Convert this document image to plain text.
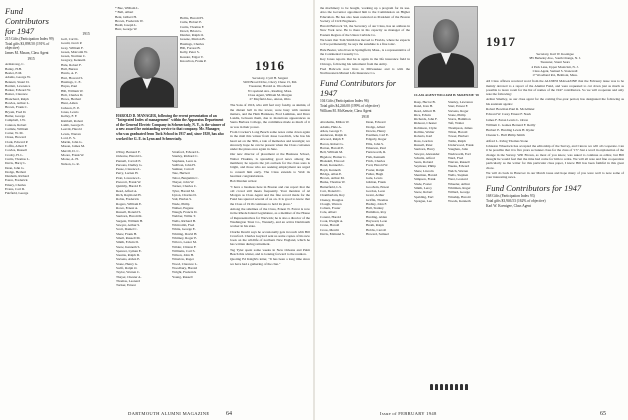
Fund Contributors for 1947

215 Gifts (Participation Index 99)

Total gifts $3,898.50 (191% of objective)

James M. Mason, Class Agent

1915

Armstrong, C.
Bailey, H.H.
Beeler, E.M.
Adams, George W.
Bennett, Stuart D.
Bartlett, Lawrence
Barker, Edward W.
Baxter, Clarence
Blanchard, Ralph
Bowles, Arthur L.
Brown, Frank C.
Bryant, Fred D.
Butler, George
Campbell, J.W.
Cannon, Robert
Carlisle, William
Carter, W. M.
Chase, Howard
Clark, Edward P.
Coffin, Albert F.
Cowles, Russell
Crosby, H. L.
Curtis, Thomas L.
Davis, Harry L.
Dean, John G.
Dodge, Herbert
Dunham, Richard
Eaton, Frederick
Emery, Charles
Evans, Carl D.
Fairfield, George

1915

Goll, Carl K.
Gould, Jacob P.
Gray, William F.
Green, Malcolm W.
Green, Norman C.
Gregory, Kenneth
Hale, Robert F.
Hall, Burton
Harris, A. F.
Hart, Howard S.
Hastings, C. E.
Hayes, Paul
Hill, William W.
Holt, Charles D.
Howe, Herbert
Hunt, Alden
Jackson, E. P.
Jones, Lewis
Kelley, F. F.
Kimball, Robert
Lamb, George E.
Leavitt, Harold
Lewis, Warren
Lord, E. S.
Martin, John G.
Mason, James M.
Merrill, D. C.
Moore, Frank W.
Morse, A. H.
Nelson, G. R.
* Bee, William L.
* Bell, Albert
Bent, Gilbert H.
Brown, Frederick W.
Budd, Joseph L.
Burr, George W.
Hollis, Harold H.
Cuile, Hobart E.
Curtis, Thomas F.
Dowd, Brian G.
Dunbar, Ralph O.
Greene, Marion B.
Hastings, Charles
Hill, Forrest B.
Kelly, Peter S.
Kessler, Edgar V.
Knowlton, Frank P.

HAROLD D. MANAGER, following the recent presentation of an "Integrated Index of management" within the Apparatus Department of the General Electric Company in Schenectady, N. Y., is the winner of a new award for outstanding service to that company. Mr. Manager, who was graduated from Tuck School in 1917 and, since 1920, has also worked for G. E. in Lynn and Schenectady.

O'Day, Bernard F.
Osborne, Harold L.
Pannell, Carroll E.
Parsons, Dudley G.
Pease, Clarence L.
Perry, Lucien H.
Pratt, Lawrence L.
Prescott, Frank W.
Quimby, Harold E.
Read, Alfred A.
Rich, Raymond H.
Robie, Frederick
Rogers, William E.
Rowe, Ernest A.
Russell, Donald S.
Sanborn, Harold R.
Sargent, William H.
Sawyer, Arthur S.
Scott, Daniel C.
Shaw, Frank H.
Small, Russell M.
Smith, Edwin D.
Snow, Kenneth S.
Spencer, Lyman E.
Stearns, Ralph D.
Stevens, Alden E.
Stone, Henry G.
Swift, Ralph O.
Taylor, Warren C.
Thayer, Chester A.
Thomas, Leonard
Tucker, Ernest
Stratford, Edward L.
Stanley, Richard C.
Stephens, Leon A.
Sullivan, John H.
Sumner, Carroll
Tate, Herbert
Tabor, Benjamin C.
Thayer, John W.
Turner, Charles C.
Tyler, Harold M.
Upton, Charles D.
Vail, Harlan S.
Wade, Philip
Walker, Eugene
Waugh, Francis D.
Webber, Willie T.
Wells, Richard B.
Whitcomb, Fred
White, George E.
Whiting, David H.
Whitney, Roger E.
Wilcox, Lester M.
Wilder, Clinton F.
Williams, Carl S.
Wilson, John H.
Winslow, Roger
Wood, Clarence L.
Woodbury, Harold
Wright, Frederick
Young, Russell
1916

Secretary, Cyril H. Sargent

5200 Broad Drive, Chevy Chase 15, Md.

Treasurer, Harold A. Woodward

8 Copeland Ave., Reading, Mass.

Class Agent, William M. Morgan

27 Mayfield Ave., Akron, Ohio

The Sons of 1916, who still feel very fondly, as alumni, of the distant bell in the tower, were busy with reunion matters, and the Ham Harkness, Fred Lummus, and Dave Landis, between them, due to monstrous appearances as Santa Barbara College, the committee made as much of it as was in their power.

From Crocker's Long Beach some notes came down again in the mail this winter from Jesse Goodrich, who has his heart set on the 30th, a tale of memories and nostalgia; we sincerely hope he can be present when the Class convenes under the pines once again in June.

Our new director of placement at the Business School, Walter Hoskins, is spreading good news among the members; he reports the job outlook for the class sons is bright, and those who are seeking employment are urged to consult him early. The Class extends to Walt its heartiest congratulations.

Bob Marden writes:

"I have a business here in Boston and can report that the old crowd still meets frequently. Your mention of Al Morgan as Class Agent and the fine record made for the Fund has spurred several of us on. It is good to know that the Class of 1916 continues to hold its place."

Among the sidelines of the Class, Ernest N. Farrar is now in the Rhode Island Legislature, as a member of the House of Representatives for Warwick; he is also a director of the Washington Trust Co., Westerly, and an active Dartmouth worker in his state.

Charlie Dewitt says he occasionally gets in touch with Bill Crawford. Charles Gaylord sent us some copies of his new book on the wildlife of northern New England, which he has written during retirement.

Tag Tyler spent some weeks in New Orleans and Palm Beach this winter, and is looking forward to the reunion.

Quoting Ed Knight's letter, "It has been a long time since we have had a gathering of the clan."

DARTMOUTH ALUMNI MAGAZINE	64

the machinery to be bought, working up a program for its use. Also the Governor appointed him to the Commission on Higher Education. He has also been reelected as President of the Boston Society of Civil Engineers.

Harold Babcock '16, the Secretary of our Class, has an address in New York now. He is there in his capacity as manager of the Eastern Region of the Union Carbide Co.

We learn that Tom Smith has moved to Florida, where he expects to live permanently; he says the sunshine is a fine tonic.

Hale Beeler, who lives in Springfield, Mass., is a representative of the Continental Casualty Co.

Key Jones reports that he is again in the life insurance field in Chicago, following his retirement from the Army.

Fred Babcock now lives in Milwaukee and is with the Northwestern Mutual Life Insurance Co.

Fund Contributors for 1947

104 Gifts (Participation Index 96)

Total gifts $4,246.00 (199% of objective)

William M. McKenzie, Class Agent

1918

Abrahams, Milton W.
Adams, Hale A.
Allen, George T.
Anderson, Ralph O.
Atwood, Ralph F.
Bacon, Robert G.
Barton, Harold E.
Bell, William M.
Bigelow, Homer C.
Blaisdell, Elwood
Bond, Kenneth L.
Boyd, Kenneth
Bridge, Allan E.
Brown, Arthur M.
Burke, Thomas W.
Butterfield, L.S.
Carr, Donald C.
Chamberlain, Roy
Cheney, Douglas
Clough, Warren
Coburn, Foster
Cole, Albert
Conant, Harold
Cook, Dwight A.
Crane, Harold
Cross, Merritt
Davis, Edmund S.
Dean, Edward
Dodge, Albert
Downs, Henry
Eastman, Carl E.
Edgerly, Roger
Ellis, John S.
Emerson, Paul
Farnsworth, R.
Fish, Kenneth
Fitch, Charles
Ford, Harold W.
Foster, Ralph
Fuller, Hugh
Gale, Lewis
Gilman, Frank
Goodwin, Ernest
Gordon, Leon
Grant, Arthur
Griffin, Thomas
Hadley, John F.
Hall, Stanley
Hamilton, Roy
Harding, Alden
Hayward, Leon
Heath, Ralph
Hobbs, Carroll
Howard, Samuel

CLASS AGENT WILLIAM H. McKENZIE '18

Rasp, Hector B.
Rand, Ivan H.
Reed, Abbott H.
Rice, Edwin
Richards, John F.
Rideout, Chester
Robinson, Clyde
Rollins, Walter
Roberts, Karl
Ross, Gordon
Russell, Peter
Sanborn, Harry
Sawyer, Alexander
Schultz, Alfred
Sears, Roland
Seymour, Philip
Shaw, Lincoln
Sherman, Harold
Simpson, Frank
Slade, Foster
Smith, Leroy
Snow, Robert
Spalding, Earl
Sprague, Lee
Stanley, Lawrence
Starr, Ernest F.
Stevens, Roger
Stone, Philip
Storrs, Hamilton
Taft, Walter
Thompson, James
Tilton, Harold
Tower, Herbert
Tuttle, Ralph
Underwood, Frank
Vaughan, John
Wadsworth, Earl
Ward, Fred
Warren, Russell
Weeks, Edward
Welch, Warren
Wells, Stephen
West, Leonard
Wheeler, Arthur
Whitman, Roger
Willard, George
Winship, Harold
Woods, Kenneth
1917

Secretary, Karl W. Koenigee

385 Berkeley Ave., South Orange, N. J.

Treasurer, Stuart Sears

4 Park Lane, Upper Montclair, N. J.

Class Agent, Samuel S. Stonewall

17 Woodland Rd., Belmont, Mass.

All Class officers received word from the ALUMNI MAGAZINE that the February issue was to be mainly devoted to a report of the Alumni Fund, and were requested to cut down just as much as possible to leave room for the list of names of the 1947 contributors. So we will cooperate and only note the following:

Arthur Smalley, as our class agent for the coming five-year period, has designated the following as his assistant agents:

Robert Bowman Paul R. McAllister

Edward W. Carey Ernest F. Nash

James F. Eaton Lewis L. Orton

William C. Gaines Bernard F. Reilly

Herbert E. Harding Lewis H. Ryder

Chester L. Hall Philip Smith

Alfred L. Irving Thomas Stone

Johnston Wheelock has accepted the editorship of the Survey, and I know we will all cooperate. Can it be possible that it is five years as banner class for the class of '17? Just a word in explanation of the change in the Survey. Will Brown, as most of you know, was asked to continue as editor, but Bill thought he would feel that the time had come for him to retire. We will all note and fine cooperation particularly as the writer for this particular class paper, I know Bill has been faithful in this great chore.

We will do back in Hanover in our March issue and hope many of you were well to note some of your interesting news.

Fund Contributors for 1947

168 Gifts (Participation Index 93)

Total gifts $3,946.53 (162% of objective)

Karl W. Koenigee, Class Agent

Issue of FEBRUARY 1948	65
